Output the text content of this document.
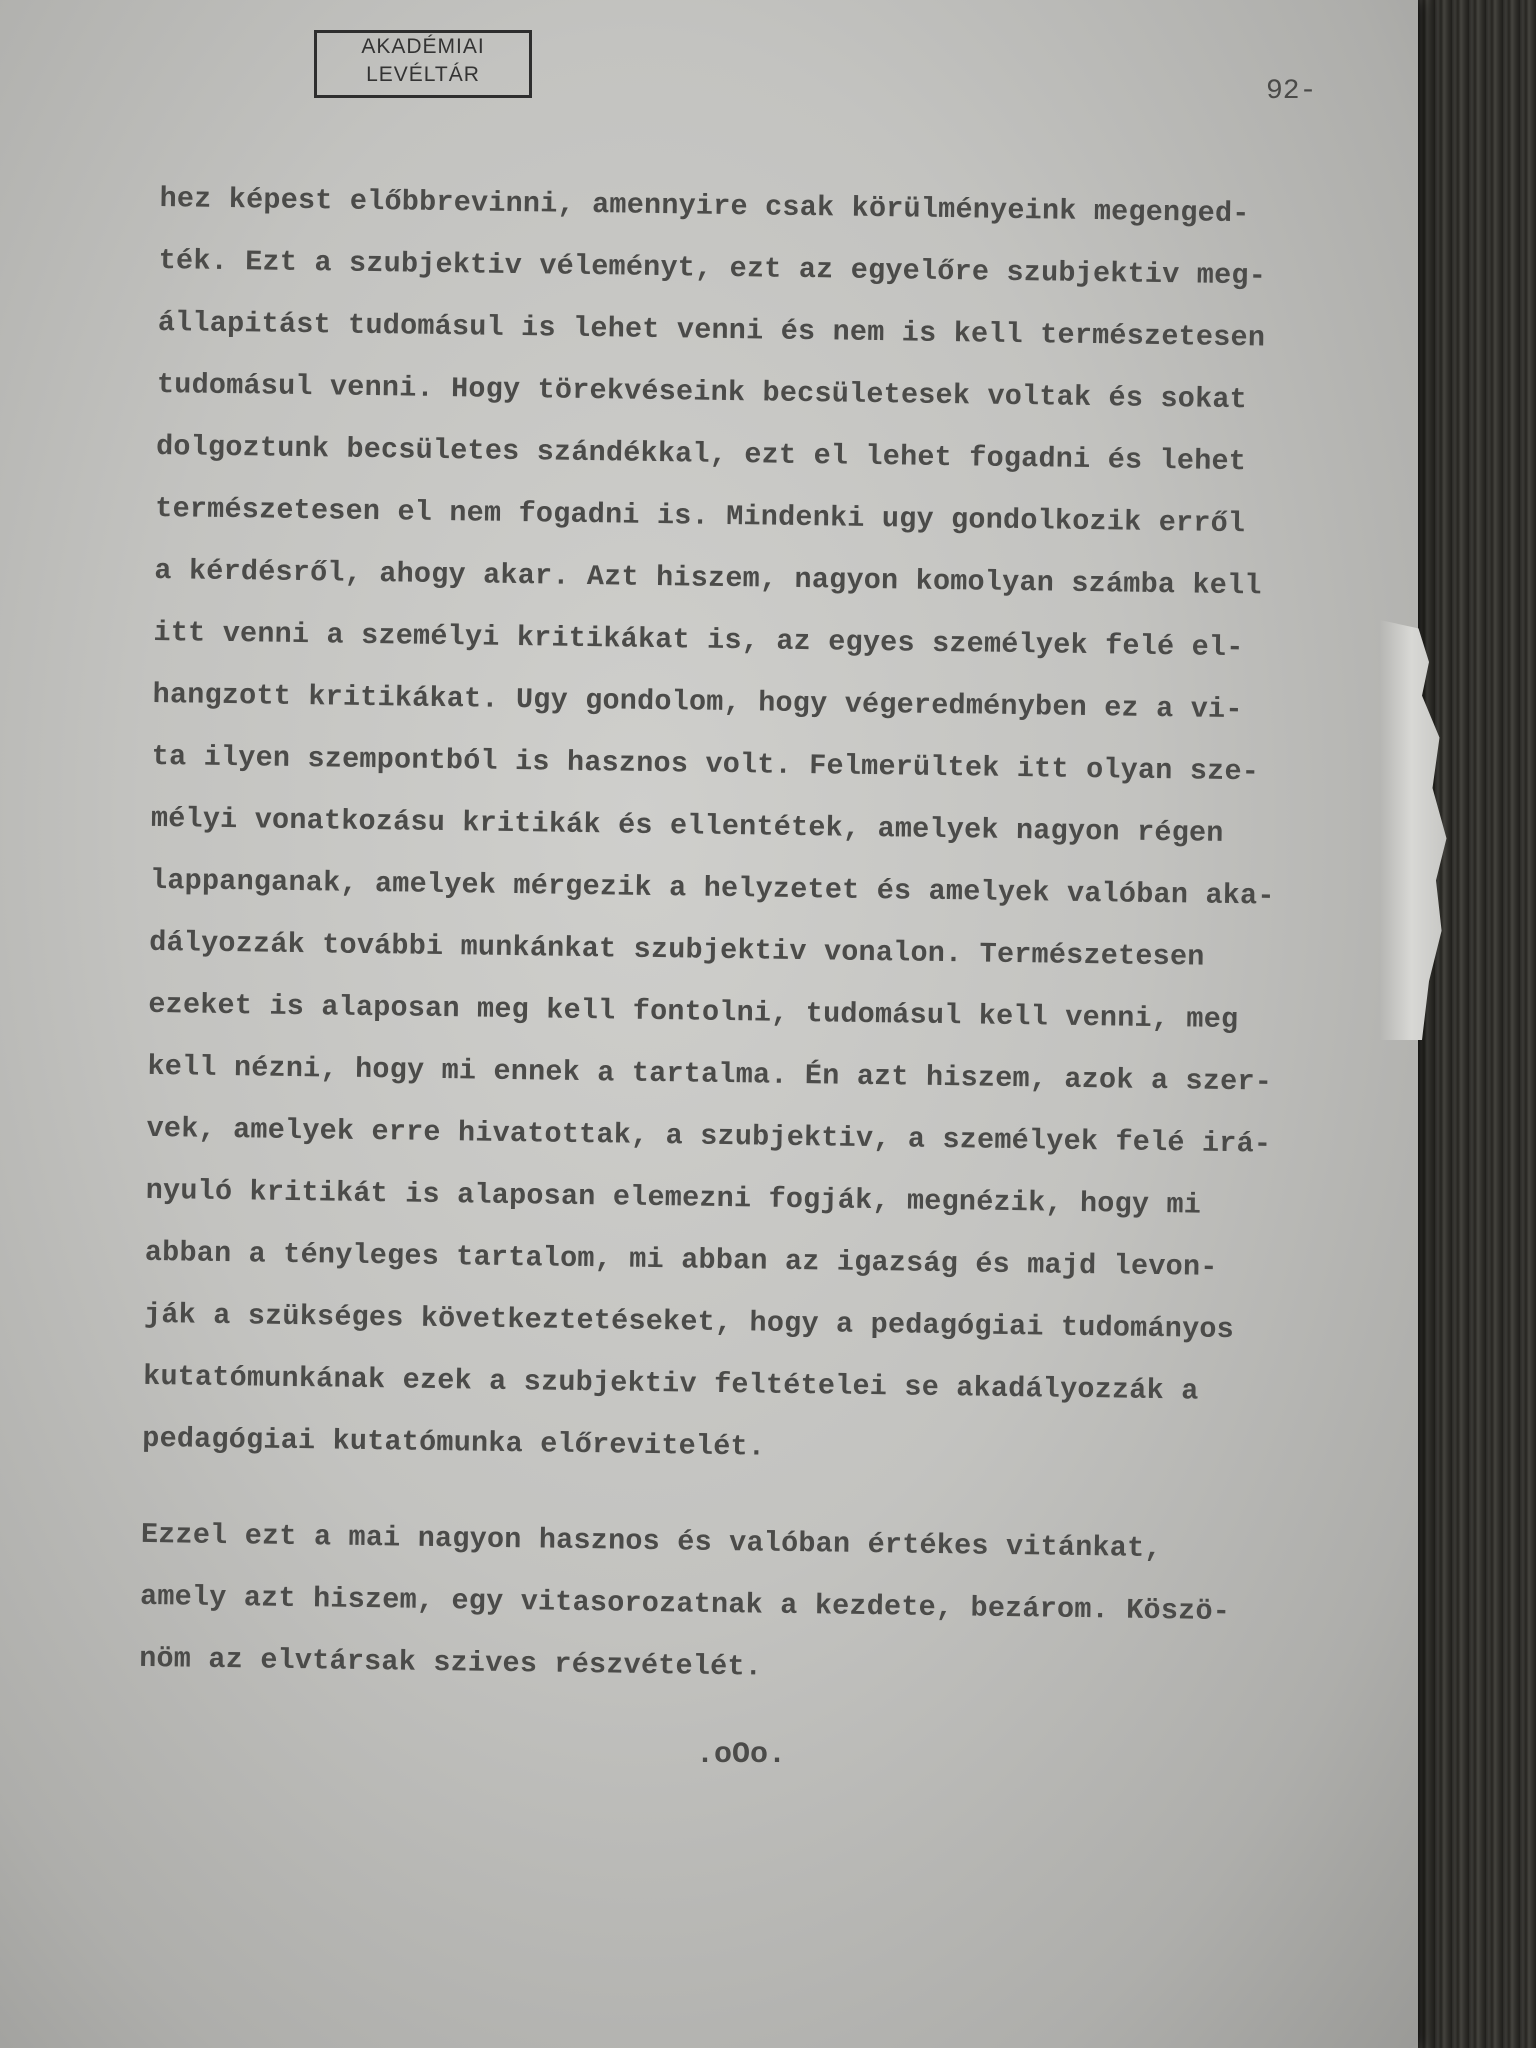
AKADÉMIAI
LEVÉLTÁR
92-
hez képest előbbrevinni, amennyire csak körülményeink megenged-
ték. Ezt a szubjektiv véleményt, ezt az egyelőre szubjektiv meg-
állapitást tudomásul is lehet venni és nem is kell természetesen
tudomásul venni. Hogy törekvéseink becsületesek voltak és sokat
dolgoztunk becsületes szándékkal, ezt el lehet fogadni és lehet
természetesen el nem fogadni is. Mindenki ugy gondolkozik erről
a kérdésről, ahogy akar. Azt hiszem, nagyon komolyan számba kell
itt venni a személyi kritikákat is, az egyes személyek felé el-
hangzott kritikákat. Ugy gondolom, hogy végeredményben ez a vi-
ta ilyen szempontból is hasznos volt. Felmerültek itt olyan sze-
mélyi vonatkozásu kritikák és ellentétek, amelyek nagyon régen
lappanganak, amelyek mérgezik a helyzetet és amelyek valóban aka-
dályozzák további munkánkat szubjektiv vonalon. Természetesen
ezeket is alaposan meg kell fontolni, tudomásul kell venni, meg
kell nézni, hogy mi ennek a tartalma. Én azt hiszem, azok a szer-
vek, amelyek erre hivatottak, a szubjektiv, a személyek felé irá-
nyuló kritikát is alaposan elemezni fogják, megnézik, hogy mi
abban a tényleges tartalom, mi abban az igazság és majd levon-
ják a szükséges következtetéseket, hogy a pedagógiai tudományos
kutatómunkának ezek a szubjektiv feltételei se akadályozzák a
pedagógiai kutatómunka előrevitelét.
Ezzel ezt a mai nagyon hasznos és valóban értékes vitánkat,
amely azt hiszem, egy vitasorozatnak a kezdete, bezárom. Köszö-
nöm az elvtársak szives részvételét.
.oOo.
